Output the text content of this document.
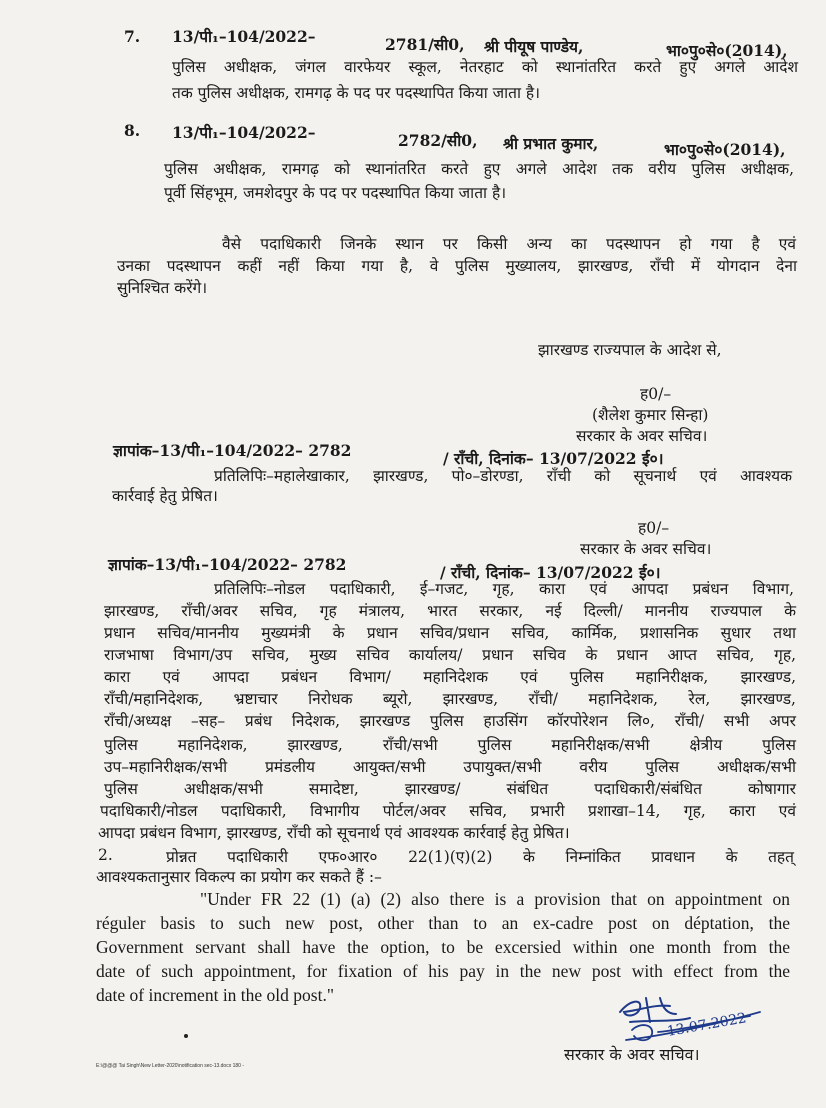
7. 13/पी₁–104/2022–	2781/सी0, श्री पीयूष पाण्डेय,	भा०पु०से०(2014),
पुलिस अधीक्षक, जंगल वारफेयर स्कूल, नेतरहाट को स्थानांतरित करते हुए अगले आदेश
तक पुलिस अधीक्षक, रामगढ़ के पद पर पदस्थापित किया जाता है।
8. 13/पी₁–104/2022–	2782/सी0, श्री प्रभात कुमार,	भा०पु०से०(2014),
पुलिस अधीक्षक, रामगढ़ को स्थानांतरित करते हुए अगले आदेश तक वरीय पुलिस अधीक्षक,
पूर्वी सिंहभूम, जमशेदपुर के पद पर पदस्थापित किया जाता है।
वैसे पदाधिकारी जिनके स्थान पर किसी अन्य का पदस्थापन हो गया है एवं
उनका पदस्थापन कहीं नहीं किया गया है, वे पुलिस मुख्यालय, झारखण्ड, राँची में योगदान देना
सुनिश्चित करेंगे।
झारखण्ड राज्यपाल के आदेश से,
ह0/–
(शैलेश कुमार सिन्हा)
सरकार के अवर सचिव।
ज्ञापांक–13/पी₁–104/2022– 2782	/ राँची, दिनांक– 13/07/2022 ई०।
प्रतिलिपिः–महालेखाकार, झारखण्ड, पो०–डोरण्डा, राँची को सूचनार्थ एवं आवश्यक
कार्रवाई हेतु प्रेषित।
ह0/–
सरकार के अवर सचिव।
ज्ञापांक–13/पी₁–104/2022– 2782	/ राँची, दिनांक– 13/07/2022 ई०।
प्रतिलिपिः–नोडल पदाधिकारी, ई–गजट, गृह, कारा एवं आपदा प्रबंधन विभाग,
झारखण्ड, राँची/अवर सचिव, गृह मंत्रालय, भारत सरकार, नई दिल्ली/ माननीय राज्यपाल के
प्रधान सचिव/माननीय मुख्यमंत्री के प्रधान सचिव/प्रधान सचिव, कार्मिक, प्रशासनिक सुधार तथा
राजभाषा विभाग/उप सचिव, मुख्य सचिव कार्यालय/ प्रधान सचिव के प्रधान आप्त सचिव, गृह,
कारा एवं आपदा प्रबंधन विभाग/ महानिदेशक एवं पुलिस महानिरीक्षक, झारखण्ड,
राँची/महानिदेशक, भ्रष्टाचार निरोधक ब्यूरो, झारखण्ड, राँची/ महानिदेशक, रेल, झारखण्ड,
राँची/अध्यक्ष –सह– प्रबंध निदेशक, झारखण्ड पुलिस हाउसिंग कॉरपोरेशन लि०, राँची/ सभी अपर
पुलिस महानिदेशक, झारखण्ड, राँची/सभी पुलिस महानिरीक्षक/सभी क्षेत्रीय पुलिस
उप–महानिरीक्षक/सभी प्रमंडलीय आयुक्त/सभी उपायुक्त/सभी वरीय पुलिस अधीक्षक/सभी
पुलिस अधीक्षक/सभी समादेष्टा, झारखण्ड/ संबंधित पदाधिकारी/संबंधित कोषागार
पदाधिकारी/नोडल पदाधिकारी, विभागीय पोर्टल/अवर सचिव, प्रभारी प्रशाखा–14, गृह, कारा एवं
आपदा प्रबंधन विभाग, झारखण्ड, राँची को सूचनार्थ एवं आवश्यक कार्रवाई हेतु प्रेषित।
2.	प्रोन्नत पदाधिकारी एफ०आर० 22(1)(ए)(2) के निम्नांकित प्रावधान के तहत्
आवश्यकतानुसार विकल्प का प्रयोग कर सकते हैं :–
"Under FR 22 (1) (a) (2) also there is a provision that on appointment on
réguler basis to such new post, other than to an ex-cadre post on déptation, the
Government servant shall have the option, to be excersied within one month from the
date of such appointment, for fixation of his pay in the new post with effect from the
date of increment in the old post."
13.07.2022
सरकार के अवर सचिव।
E:\@@@ Tai Singh\New Letter-2020\notification sec-13.docx 180 -
